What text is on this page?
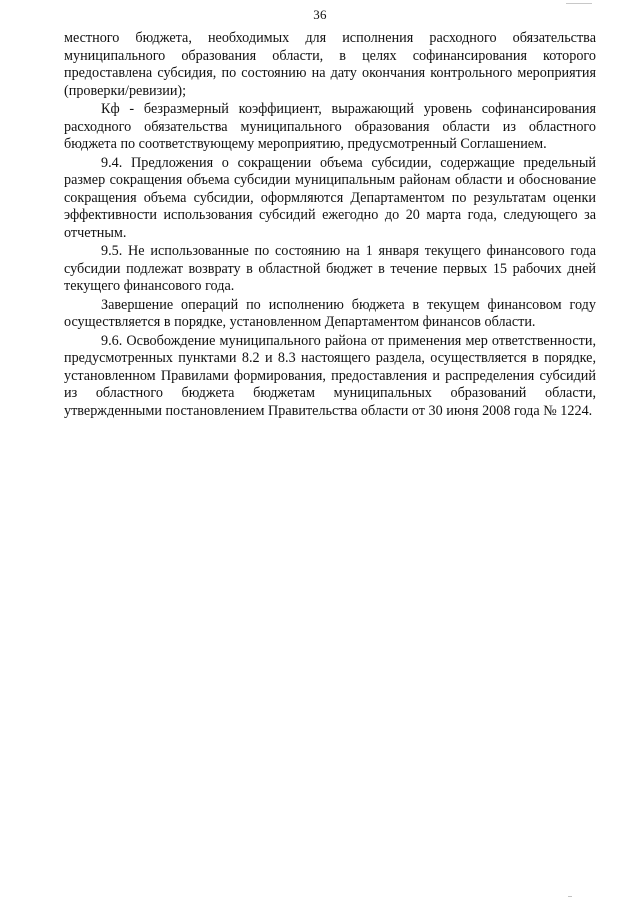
36

местного бюджета, необходимых для исполнения расходного обязательства муниципального образования области, в целях софинансирования которого предоставлена субсидия, по состоянию на дату окончания контрольного мероприятия (проверки/ревизии);

Кф - безразмерный коэффициент, выражающий уровень софинансирования расходного обязательства муниципального образования области из областного бюджета по соответствующему мероприятию, предусмотренный Соглашением.

9.4. Предложения о сокращении объема субсидии, содержащие предельный размер сокращения объема субсидии муниципальным районам области и обоснование сокращения объема субсидии, оформляются Департаментом по результатам оценки эффективности использования субсидий ежегодно до 20 марта года, следующего за отчетным.

9.5. Не использованные по состоянию на 1 января текущего финансового года субсидии подлежат возврату в областной бюджет в течение первых 15 рабочих дней текущего финансового года.

Завершение операций по исполнению бюджета в текущем финансовом году осуществляется в порядке, установленном Департаментом финансов области.

9.6. Освобождение муниципального района от применения мер ответственности, предусмотренных пунктами 8.2 и 8.3 настоящего раздела, осуществляется в порядке, установленном Правилами формирования, предоставления и распределения субсидий из областного бюджета бюджетам муниципальных образований области, утвержденными постановлением Правительства области от 30 июня 2008 года № 1224.
